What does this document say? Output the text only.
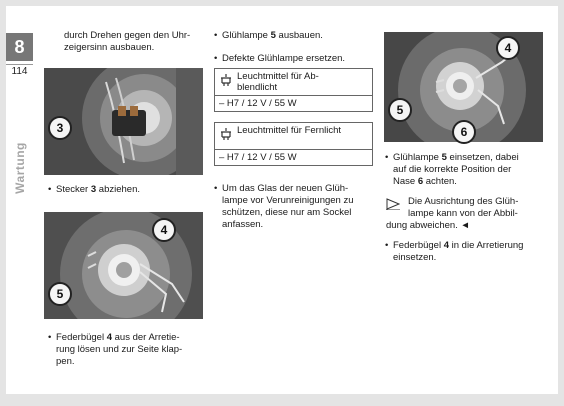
8
114
Wartung
durch Drehen gegen den Uhr-
zeigersinn ausbauen.
3
• Stecker 3 abziehen.
4
5
• Federbügel 4 aus der Arretie-
rung lösen und zur Seite klap-
pen.
• Glühlampe 5 ausbauen.
• Defekte Glühlampe ersetzen.
Leuchtmittel für Ab-
blendlicht
– H7 / 12 V / 55 W
Leuchtmittel für Fernlicht
– H7 / 12 V / 55 W
• Um das Glas der neuen Glüh-
lampe vor Verunreinigungen zu
schützen, diese nur am Sockel
anfassen.
4
5
6
• Glühlampe 5 einsetzen, dabei
auf die korrekte Position der
Nase 6 achten.
Die Ausrichtung des Glüh-
lampe kann von der Abbil-
dung abweichen. ◄
• Federbügel 4 in die Arretierung
einsetzen.
